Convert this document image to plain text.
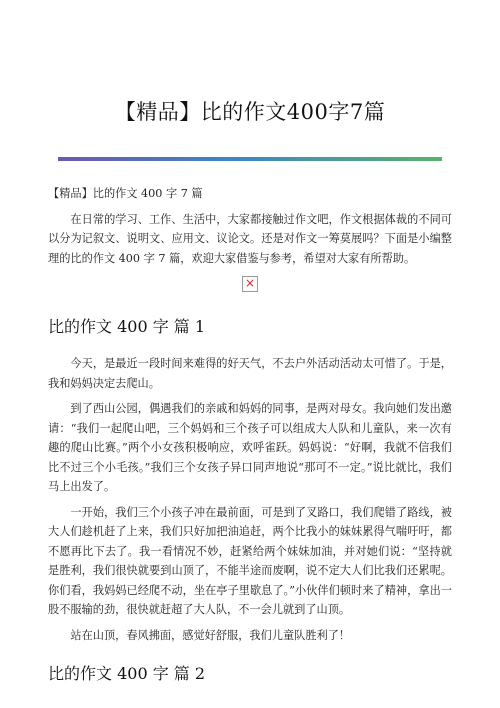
【精品】比的作文400字7篇

【精品】比的作文 400 字 7 篇

在日常的学习、工作、生活中，大家都接触过作文吧，作文根据体裁的不同可以分为记叙文、说明文、应用文、议论文。还是对作文一筹莫展吗？下面是小编整理的比的作文 400 字 7 篇，欢迎大家借鉴与参考，希望对大家有所帮助。

×
比的作文 400 字 篇 1

今天，是最近一段时间来难得的好天气，不去户外活动活动太可惜了。于是，我和妈妈决定去爬山。

到了西山公园，偶遇我们的亲戚和妈妈的同事，是两对母女。我向她们发出邀请：“我们一起爬山吧，三个妈妈和三个孩子可以组成大人队和儿童队，来一次有趣的爬山比赛。”两个小女孩积极响应，欢呼雀跃。妈妈说：“好啊，我就不信我们比不过三个小毛孩。”我们三个女孩子异口同声地说“那可不一定。”说比就比，我们马上出发了。

一开始，我们三个小孩子冲在最前面，可是到了叉路口，我们爬错了路线，被大人们趁机赶了上来，我们只好加把油追赶，两个比我小的妹妹累得气喘吁吁，都不愿再比下去了。我一看情况不妙，赶紧给两个妹妹加油，并对她们说：“坚持就是胜利，我们很快就要到山顶了，不能半途而废啊，说不定大人们比我们还累呢。你们看，我妈妈已经爬不动，坐在亭子里歇息了。”小伙伴们顿时来了精神，拿出一股不服输的劲，很快就赶超了大人队，不一会儿就到了山顶。

站在山顶，春风拂面，感觉好舒服，我们儿童队胜利了！

比的作文 400 字 篇 2
